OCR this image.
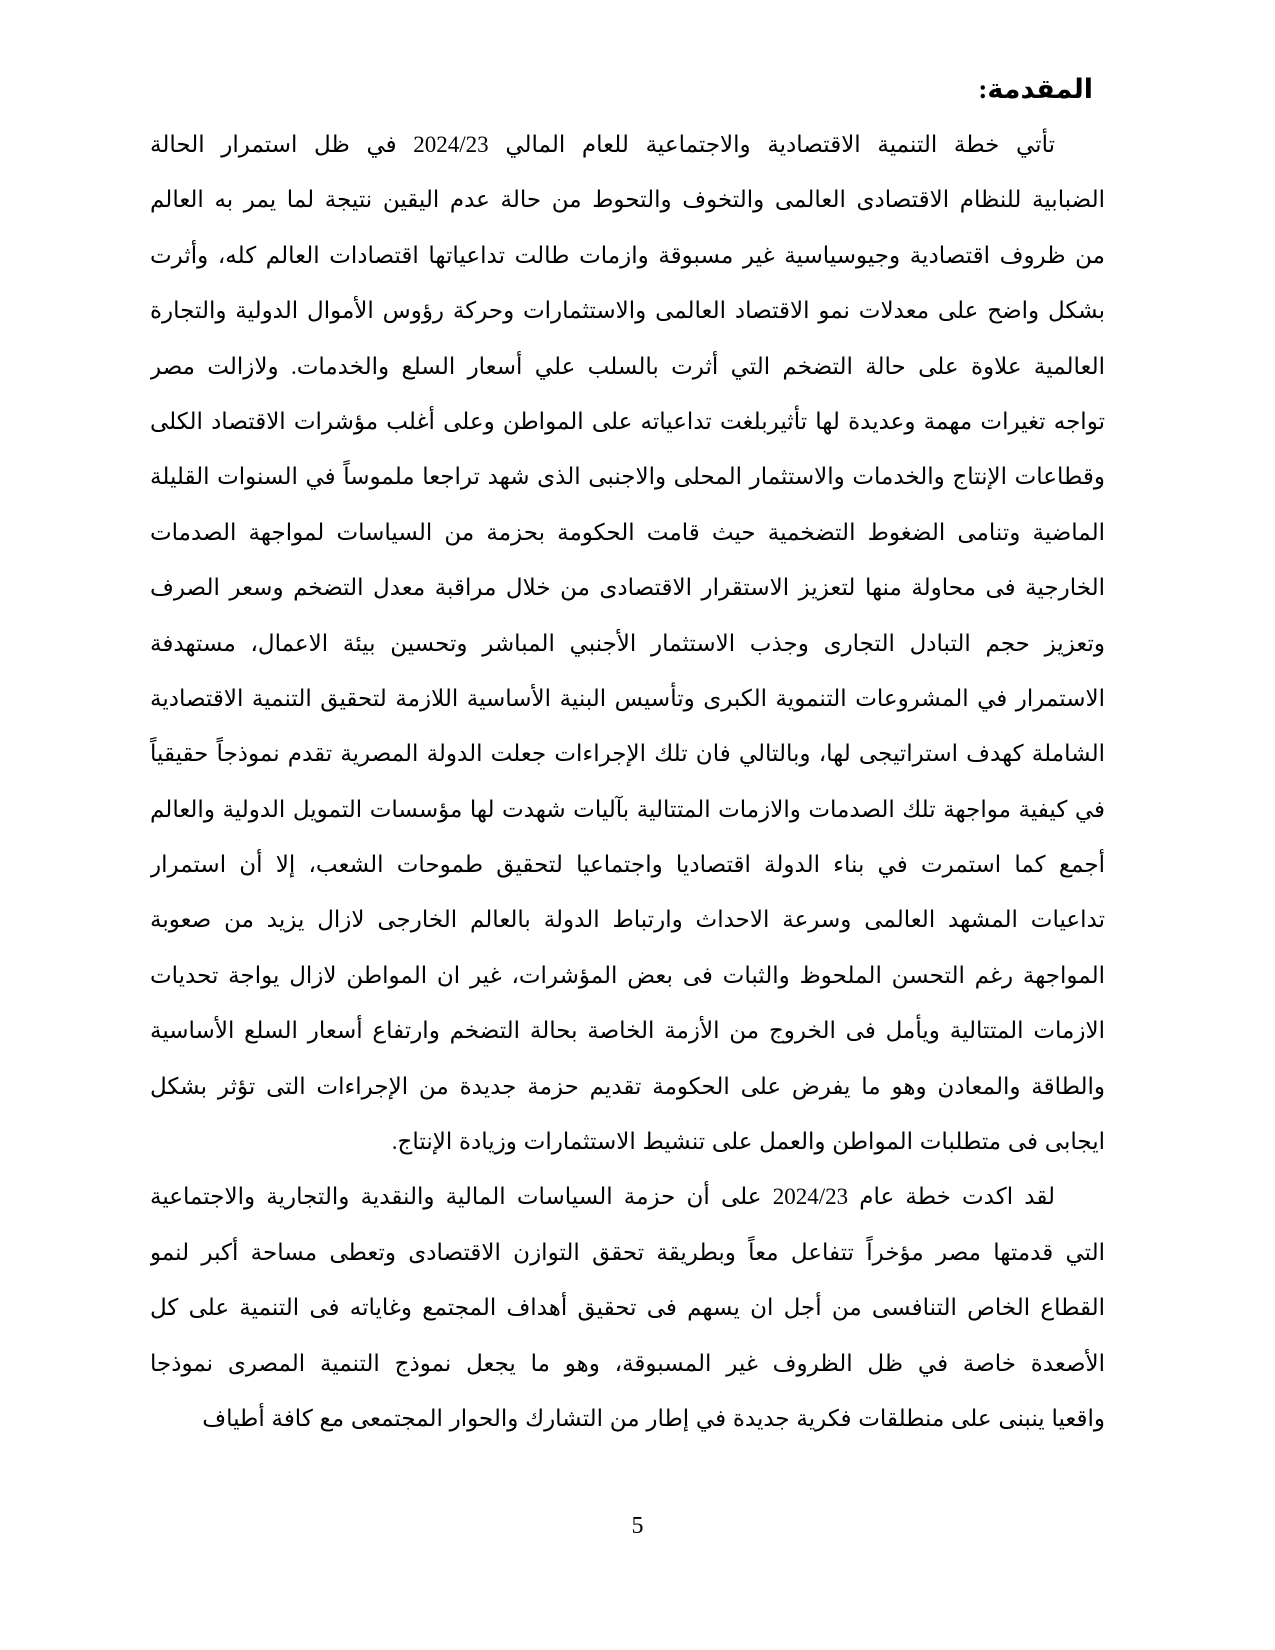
المقدمة:
تأتي خطة التنمية الاقتصادية والاجتماعية للعام المالي 2024/23 في ظل استمرار الحالة
الضبابية للنظام الاقتصادى العالمى والتخوف والتحوط من حالة عدم اليقين نتيجة لما يمر به العالم
من ظروف اقتصادية وجيوسياسية غير مسبوقة وازمات طالت تداعياتها اقتصادات العالم كله، وأثرت
بشكل واضح على معدلات نمو الاقتصاد العالمى والاستثمارات وحركة رؤوس الأموال الدولية والتجارة
العالمية علاوة على حالة التضخم التي أثرت بالسلب علي أسعار السلع والخدمات. ولازالت مصر
تواجه تغيرات مهمة وعديدة لها تأثيربلغت تداعياته على المواطن وعلى أغلب مؤشرات الاقتصاد الكلى
وقطاعات الإنتاج والخدمات والاستثمار المحلى والاجنبى الذى شهد تراجعا ملموساً في السنوات القليلة
الماضية وتنامى الضغوط التضخمية حيث قامت الحكومة بحزمة من السياسات لمواجهة الصدمات
الخارجية فى محاولة منها لتعزيز الاستقرار الاقتصادى من خلال مراقبة معدل التضخم وسعر الصرف
وتعزيز حجم التبادل التجارى وجذب الاستثمار الأجنبي المباشر وتحسين بيئة الاعمال، مستهدفة
الاستمرار في المشروعات التنموية الكبرى وتأسيس البنية الأساسية اللازمة لتحقيق التنمية الاقتصادية
الشاملة كهدف استراتيجى لها، وبالتالي فان تلك الإجراءات جعلت الدولة المصرية تقدم نموذجاً حقيقياً
في كيفية مواجهة تلك الصدمات والازمات المتتالية بآليات شهدت لها مؤسسات التمويل الدولية والعالم
أجمع كما استمرت في بناء الدولة اقتصاديا واجتماعيا لتحقيق طموحات الشعب، إلا أن استمرار
تداعيات المشهد العالمى وسرعة الاحداث وارتباط الدولة بالعالم الخارجى لازال يزيد من صعوبة
المواجهة رغم التحسن الملحوظ والثبات فى بعض المؤشرات، غير ان المواطن لازال يواجة تحديات
الازمات المتتالية ويأمل فى الخروج من الأزمة الخاصة بحالة التضخم وارتفاع أسعار السلع الأساسية
والطاقة والمعادن وهو ما يفرض على الحكومة تقديم حزمة جديدة من الإجراءات التى تؤثر بشكل
ايجابى فى متطلبات المواطن والعمل على تنشيط الاستثمارات وزيادة الإنتاج.
لقد اكدت خطة عام 2024/23 على أن حزمة السياسات المالية والنقدية والتجارية والاجتماعية
التي قدمتها مصر مؤخراً تتفاعل معاً وبطريقة تحقق التوازن الاقتصادى وتعطى مساحة أكبر لنمو
القطاع الخاص التنافسى من أجل ان يسهم فى تحقيق أهداف المجتمع وغاياته فى التنمية على كل
الأصعدة خاصة في ظل الظروف غير المسبوقة، وهو ما يجعل نموذج التنمية المصرى نموذجا
واقعيا ينبنى على منطلقات فكرية جديدة في إطار من التشارك والحوار المجتمعى مع كافة أطياف
5
